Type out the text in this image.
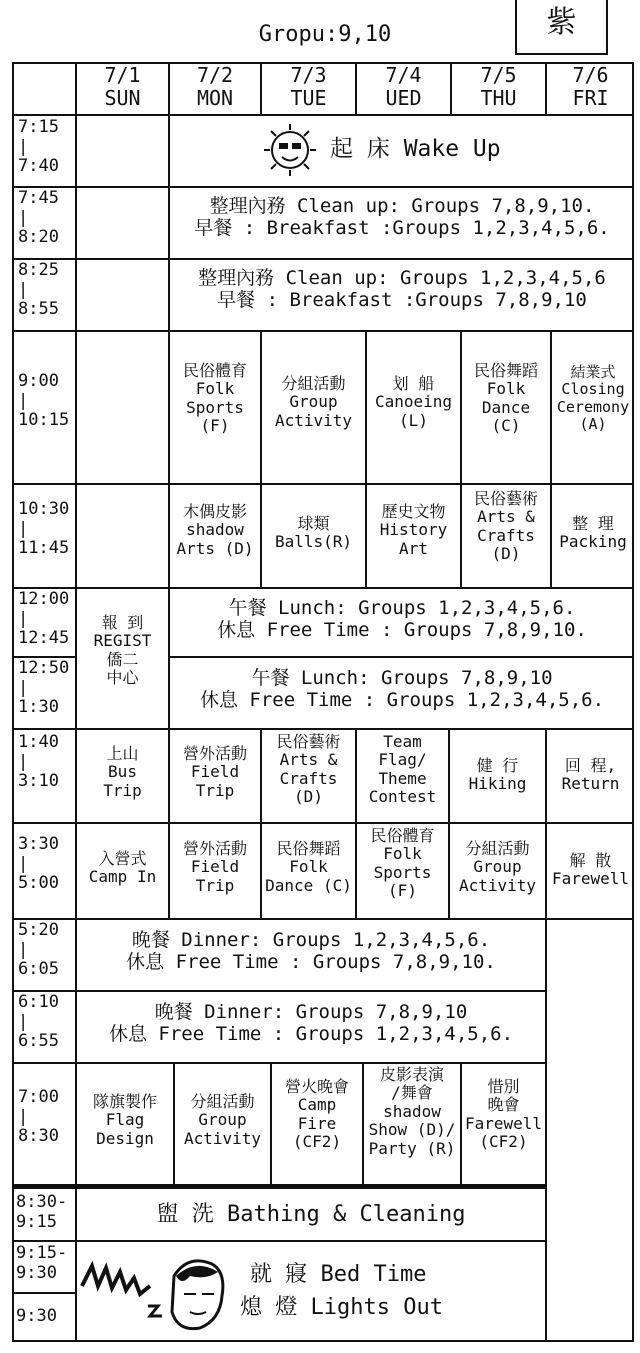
Gropu:9,10	紫
7/1
SUN
7/2
MON
7/3
TUE
7/4
UED
7/5
THU
7/6
FRI
7:15
|
7:40
7:45
|
8:20
8:25
|
8:55
9:00
|
10:15
10:30
|
11:45
12:00
|
12:45
12:50
|
1:30
1:40
|
3:10
3:30
|
5:00
5:20
|
6:05
6:10
|
6:55
7:00
|
8:30
8:30-
9:15
9:15-
9:30
9:30
起 床 Wake Up
整理內務 Clean up: Groups 7,8,9,10.
早餐 : Breakfast :Groups 1,2,3,4,5,6.
整理內務 Clean up: Groups 1,2,3,4,5,6
早餐 : Breakfast :Groups 7,8,9,10
民俗體育
Folk
Sports
(F)
分組活動
Group
Activity
划 船
Canoeing
(L)
民俗舞蹈
Folk
Dance
(C)
結業式
Closing
Ceremony
(A)
木偶皮影
shadow
Arts (D)
球類
Balls(R)
歷史文物
History
Art
民俗藝術
Arts &
Crafts
(D)
整 理
Packing
報 到
REGIST
僑二
中心
午餐 Lunch: Groups 1,2,3,4,5,6.
休息 Free Time : Groups 7,8,9,10.
午餐 Lunch: Groups 7,8,9,10
休息 Free Time : Groups 1,2,3,4,5,6.
上山
Bus
Trip
營外活動
Field
Trip
民俗藝術
Arts &
Crafts
(D)
Team
Flag/
Theme
Contest
健 行
Hiking
回 程,
Return
入營式
Camp In
營外活動
Field
Trip
民俗舞蹈
Folk
Dance (C)
民俗體育
Folk
Sports
(F)
分組活動
Group
Activity
解 散
Farewell
晚餐 Dinner: Groups 1,2,3,4,5,6.
休息 Free Time : Groups 7,8,9,10.
晚餐 Dinner: Groups 7,8,9,10
休息 Free Time : Groups 1,2,3,4,5,6.
隊旗製作
Flag
Design
分組活動
Group
Activity
營火晚會
Camp
Fire
(CF2)
皮影表演
/舞會
shadow
Show (D)/
Party (R)
惜別
晚會
Farewell
(CF2)
盥 洗 Bathing & Cleaning
就 寢 Bed Time
熄 燈 Lights Out
